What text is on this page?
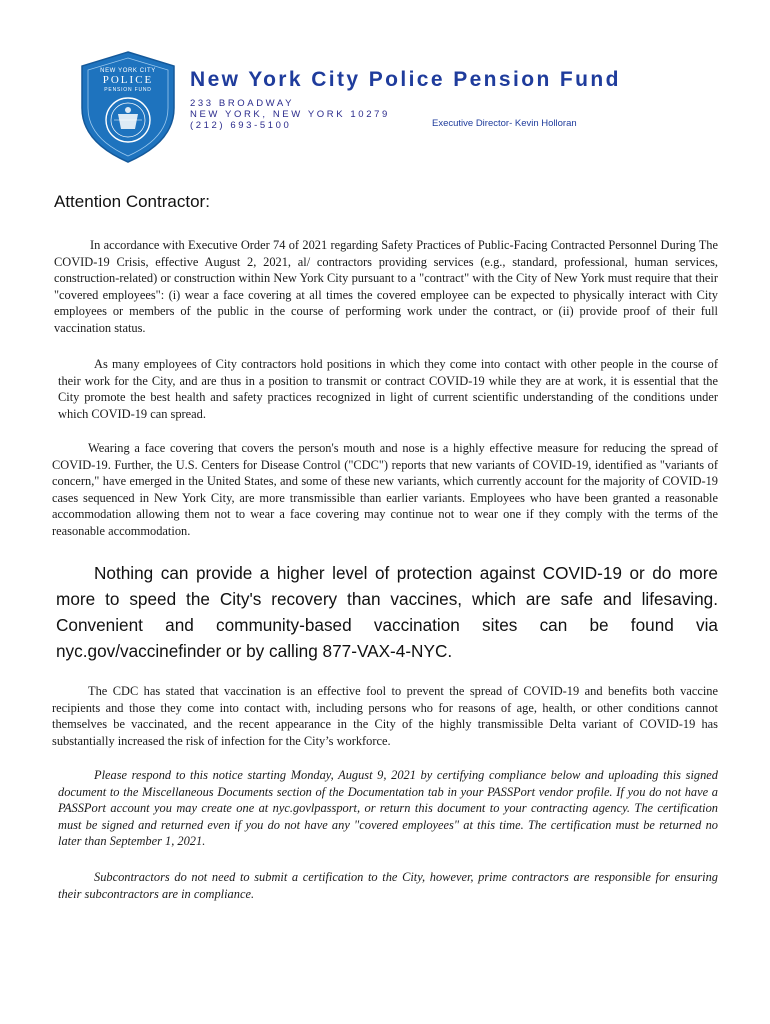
NEW YORK CITY
POLICE
PENSION FUND New York City Police Pension Fund
233 BROADWAY
NEW YORK, NEW YORK 10279
(212) 693-5100	Executive Director- Kevin Holloran
Attention Contractor:

In accordance with Executive Order 74 of 2021 regarding Safety Practices of Public-Facing Contracted Personnel During The COVID-19 Crisis, effective August 2, 2021, al/ contractors providing services (e.g., standard, professional, human services, construction-related) or construction within New York City pursuant to a "contract" with the City of New York must require that their "covered employees": (i) wear a face covering at all times the covered employee can be expected to physically interact with City employees or members of the public in the course of performing work under the contract, or (ii) provide proof of their full vaccination status.

As many employees of City contractors hold positions in which they come into contact with other people in the course of their work for the City, and are thus in a position to transmit or contract COVID-19 while they are at work, it is essential that the City promote the best health and safety practices recognized in light of current scientific understanding of the conditions under which COVID-19 can spread.

Wearing a face covering that covers the person's mouth and nose is a highly effective measure for reducing the spread of COVID-19. Further, the U.S. Centers for Disease Control ("CDC") reports that new variants of COVID-19, identified as "variants of concern," have emerged in the United States, and some of these new variants, which currently account for the majority of COVID-19 cases sequenced in New York City, are more transmissible than earlier variants. Employees who have been granted a reasonable accommodation allowing them not to wear a face covering may continue not to wear one if they comply with the terms of the reasonable accommodation.

Nothing can provide a higher level of protection against COVID-19 or do more more to speed the City's recovery than vaccines, which are safe and lifesaving. Convenient and community-based vaccination sites can be found via nyc.gov/vaccinefinder or by calling 877-VAX-4-NYC.

The CDC has stated that vaccination is an effective fool to prevent the spread of COVID-19 and benefits both vaccine recipients and those they come into contact with, including persons who for reasons of age, health, or other conditions cannot themselves be vaccinated, and the recent appearance in the City of the highly transmissible Delta variant of COVID-19 has substantially increased the risk of infection for the City’s workforce.

Please respond to this notice starting Monday, August 9, 2021 by certifying compliance below and uploading this signed document to the Miscellaneous Documents section of the Documentation tab in your PASSPort vendor profile. If you do not have a PASSPort account you may create one at nyc.govlpassport, or return this document to your contracting agency. The certification must be signed and returned even if you do not have any "covered employees" at this time. The certification must be returned no later than September 1, 2021.

Subcontractors do not need to submit a certification to the City, however, prime contractors are responsible for ensuring their subcontractors are in compliance.
